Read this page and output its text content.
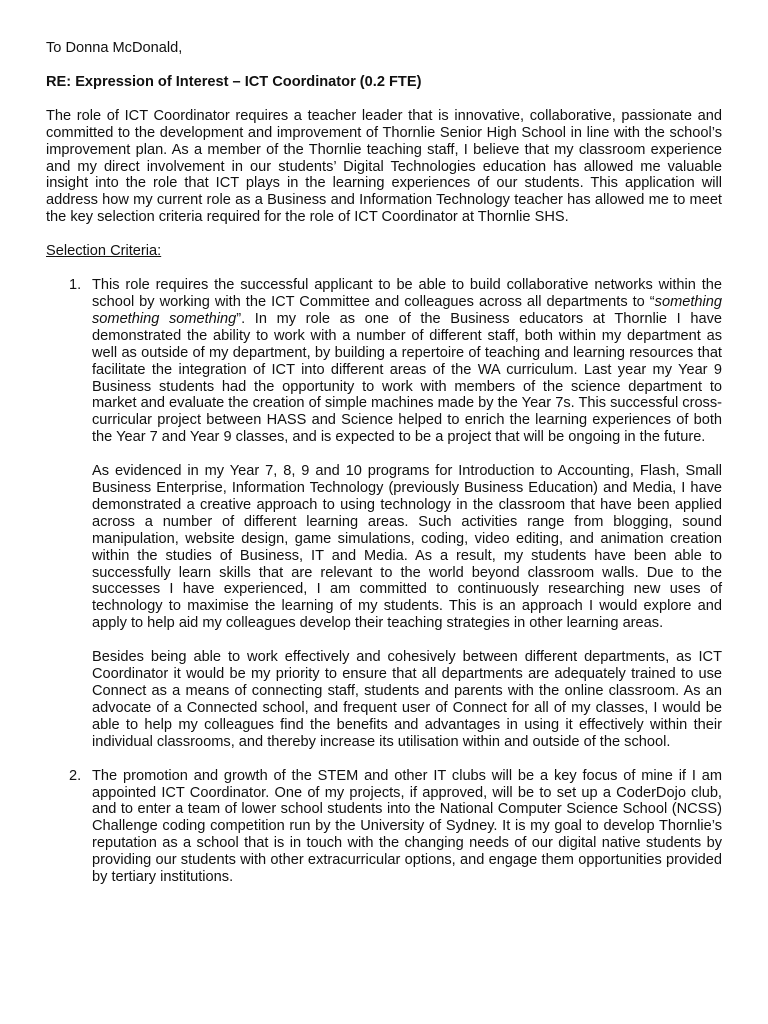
To Donna McDonald,

RE: Expression of Interest – ICT Coordinator (0.2 FTE)

The role of ICT Coordinator requires a teacher leader that is innovative, collaborative, passionate and committed to the development and improvement of Thornlie Senior High School in line with the school’s improvement plan. As a member of the Thornlie teaching staff, I believe that my classroom experience and my direct involvement in our students’ Digital Technologies education has allowed me valuable insight into the role that ICT plays in the learning experiences of our students. This application will address how my current role as a Business and Information Technology teacher has allowed me to meet the key selection criteria required for the role of ICT Coordinator at Thornlie SHS.

Selection Criteria:

1. This role requires the successful applicant to be able to build collaborative networks within the school by working with the ICT Committee and colleagues across all departments to “something something something”. In my role as one of the Business educators at Thornlie I have demonstrated the ability to work with a number of different staff, both within my department as well as outside of my department, by building a repertoire of teaching and learning resources that facilitate the integration of ICT into different areas of the WA curriculum. Last year my Year 9 Business students had the opportunity to work with members of the science department to market and evaluate the creation of simple machines made by the Year 7s. This successful cross-curricular project between HASS and Science helped to enrich the learning experiences of both the Year 7 and Year 9 classes, and is expected to be a project that will be ongoing in the future.

As evidenced in my Year 7, 8, 9 and 10 programs for Introduction to Accounting, Flash, Small Business Enterprise, Information Technology (previously Business Education) and Media, I have demonstrated a creative approach to using technology in the classroom that have been applied across a number of different learning areas. Such activities range from blogging, sound manipulation, website design, game simulations, coding, video editing, and animation creation within the studies of Business, IT and Media. As a result, my students have been able to successfully learn skills that are relevant to the world beyond classroom walls. Due to the successes I have experienced, I am committed to continuously researching new uses of technology to maximise the learning of my students. This is an approach I would explore and apply to help aid my colleagues develop their teaching strategies in other learning areas.

Besides being able to work effectively and cohesively between different departments, as ICT Coordinator it would be my priority to ensure that all departments are adequately trained to use Connect as a means of connecting staff, students and parents with the online classroom. As an advocate of a Connected school, and frequent user of Connect for all of my classes, I would be able to help my colleagues find the benefits and advantages in using it effectively within their individual classrooms, and thereby increase its utilisation within and outside of the school.

2. The promotion and growth of the STEM and other IT clubs will be a key focus of mine if I am appointed ICT Coordinator. One of my projects, if approved, will be to set up a CoderDojo club, and to enter a team of lower school students into the National Computer Science School (NCSS) Challenge coding competition run by the University of Sydney. It is my goal to develop Thornlie’s reputation as a school that is in touch with the changing needs of our digital native students by providing our students with other extracurricular options, and engage them opportunities provided by tertiary institutions.
